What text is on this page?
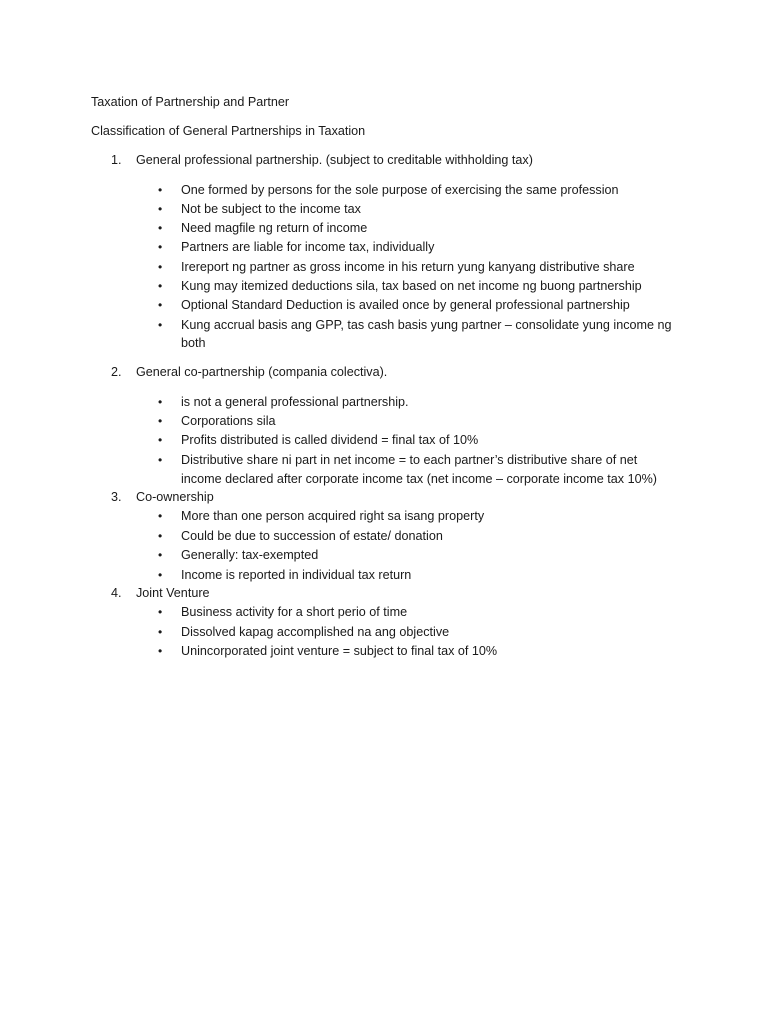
Taxation of Partnership and Partner
Classification of General Partnerships in Taxation
1.	General professional partnership. (subject to creditable withholding tax)
•
One formed by persons for the sole purpose of exercising the same profession
•
Not be subject to the income tax
•
Need magfile ng return of income
•
Partners are liable for income tax, individually
•
Irereport ng partner as gross income in his return yung kanyang distributive share
•
Kung may itemized deductions sila, tax based on net income ng buong partnership
•
Optional Standard Deduction is availed once by general professional partnership
•
Kung accrual basis ang GPP, tas cash basis yung partner – consolidate yung income ng
both
2.	General co-partnership (compania colectiva).
•
is not a general professional partnership.
•
Corporations sila
•
Profits distributed is called dividend = final tax of 10%
•
Distributive share ni part in net income = to each partner’s distributive share of net
income declared after corporate income tax (net income – corporate income tax 10%)
3.	Co-ownership
•
More than one person acquired right sa isang property
•
Could be due to succession of estate/ donation
•
Generally: tax-exempted
•
Income is reported in individual tax return
4.	Joint Venture
•
Business activity for a short perio of time
•
Dissolved kapag accomplished na ang objective
•
Unincorporated joint venture = subject to final tax of 10%
